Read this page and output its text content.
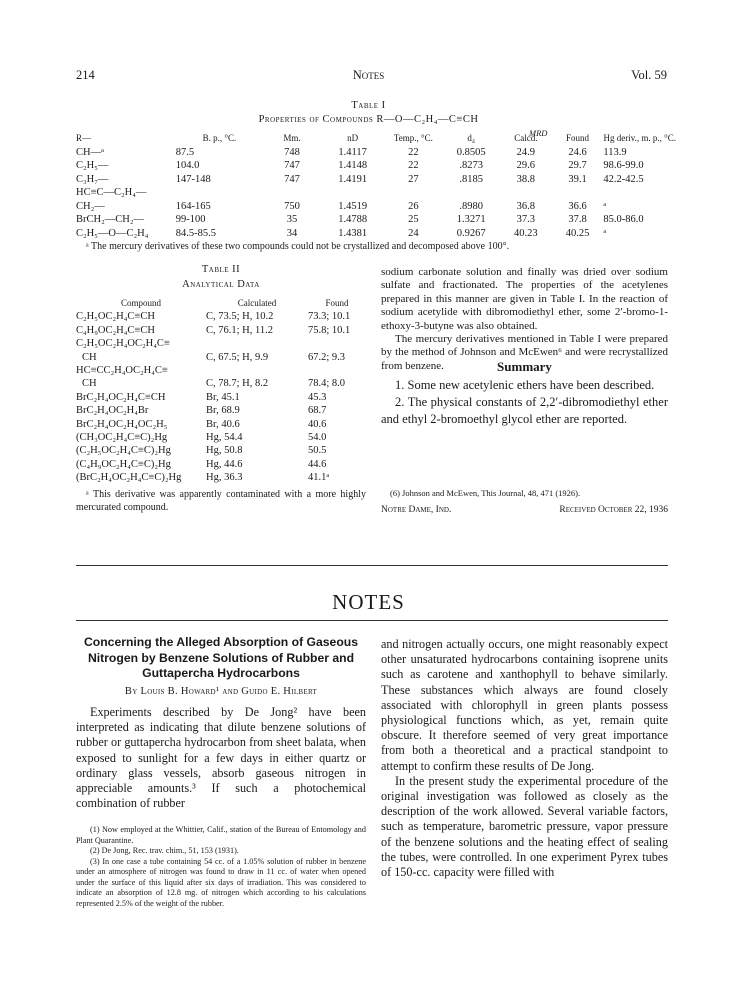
214	Notes	Vol. 59
Table I
Properties of Compounds R—O—C₂H₄—C≡CH
MRD
R—	B. p., °C.	Mm.	nD	Temp., °C.	d₄	Calcd.	Found	Hg deriv., m. p., °C.
CH—ᵃ	87.5	748	1.4117	22	0.8505	24.9	24.6	113.9
C₂H₅—	104.0	747	1.4148	22	.8273	29.6	29.7	98.6-99.0
C₃H₇—	147-148	747	1.4191	27	.8185	38.8	39.1	42.2-42.5
HC≡C—C₂H₄—								
CH₂—	164-165	750	1.4519	26	.8980	36.8	36.6	ᵃ
BrCH₂—CH₂—	99-100	35	1.4788	25	1.3271	37.3	37.8	85.0-86.0
C₂H₅—O—C₂H₄	84.5-85.5	34	1.4381	24	0.9267	40.23	40.25	ᵃ
ᵃ The mercury derivatives of these two compounds could not be crystallized and decomposed above 100°.
Table II
Analytical Data
Compound	Calculated	Found
C₂H₅OC₂H₄C≡CH	C, 73.5; H, 10.2	73.3; 10.1
C₄H₉OC₂H₄C≡CH	C, 76.1; H, 11.2	75.8; 10.1
C₂H₅OC₂H₄OC₂H₄C≡		
CH	C, 67.5; H, 9.9	67.2; 9.3
HC≡CC₂H₄OC₂H₄C≡		
CH	C, 78.7; H, 8.2	78.4; 8.0
BrC₂H₄OC₂H₄C≡CH	Br, 45.1	45.3
BrC₂H₄OC₂H₄Br	Br, 68.9	68.7
BrC₂H₄OC₂H₄OC₂H₅	Br, 40.6	40.6
(CH₃OC₂H₄C≡C)₂Hg	Hg, 54.4	54.0
(C₂H₅OC₂H₄C≡C)₂Hg	Hg, 50.8	50.5
(C₄H₉OC₂H₄C≡C)₂Hg	Hg, 44.6	44.6
(BrC₂H₄OC₂H₄C≡C)₂Hg	Hg, 36.3	41.1ᵃ
ᵃ This derivative was apparently contaminated with a more highly mercurated compound.

sodium carbonate solution and finally was dried over sodium sulfate and fractionated. The properties of the acetylenes prepared in this manner are given in Table I. In the reaction of sodium acetylide with dibromodiethyl ether, some 2′-bromo-1-ethoxy-3-butyne was also obtained.

The mercury derivatives mentioned in Table I were prepared by the method of Johnson and McEwen⁶ and were recrystallized from benzene.	Summary

1. Some new acetylenic ethers have been described.

2. The physical constants of 2,2′-dibromodiethyl ether and ethyl 2-bromoethyl glycol ether are reported.

(6) Johnson and McEwen, This Journal, 48, 471 (1926).
Notre Dame, Ind.	Received October 22, 1936
NOTES
Concerning the Alleged Absorption of Gaseous Nitrogen by Benzene Solutions of Rubber and Guttapercha Hydrocarbons
By Louis B. Howard¹ and Guido E. Hilbert

Experiments described by De Jong² have been interpreted as indicating that dilute benzene solutions of rubber or guttapercha hydrocarbon from sheet balata, when exposed to sunlight for a few days in either quartz or ordinary glass vessels, absorb gaseous nitrogen in appreciable amounts.³ If such a photochemical combination of rubber

(1) Now employed at the Whittier, Calif., station of the Bureau of Entomology and Plant Quarantine.

(2) De Jong, Rec. trav. chim., 51, 153 (1931).

(3) In one case a tube containing 54 cc. of a 1.05% solution of rubber in benzene under an atmosphere of nitrogen was found to draw in 11 cc. of water when opened under the surface of this liquid after six days of irradiation. This was considered to indicate an absorption of 12.8 mg. of nitrogen which according to his calculations represented 2.5% of the weight of the rubber.

and nitrogen actually occurs, one might reasonably expect other unsaturated hydrocarbons containing isoprene units such as carotene and xanthophyll to behave similarly. These substances which always are found closely associated with chlorophyll in green plants possess physiological functions which, as yet, remain quite obscure. It therefore seemed of very great importance from both a theoretical and a practical standpoint to attempt to confirm these results of De Jong.

In the present study the experimental procedure of the original investigation was followed as closely as the description of the work allowed. Several variable factors, such as temperature, barometric pressure, vapor pressure of the benzene solutions and the heating effect of sealing the tubes, were controlled. In one experiment Pyrex tubes of 150-cc. capacity were filled with
